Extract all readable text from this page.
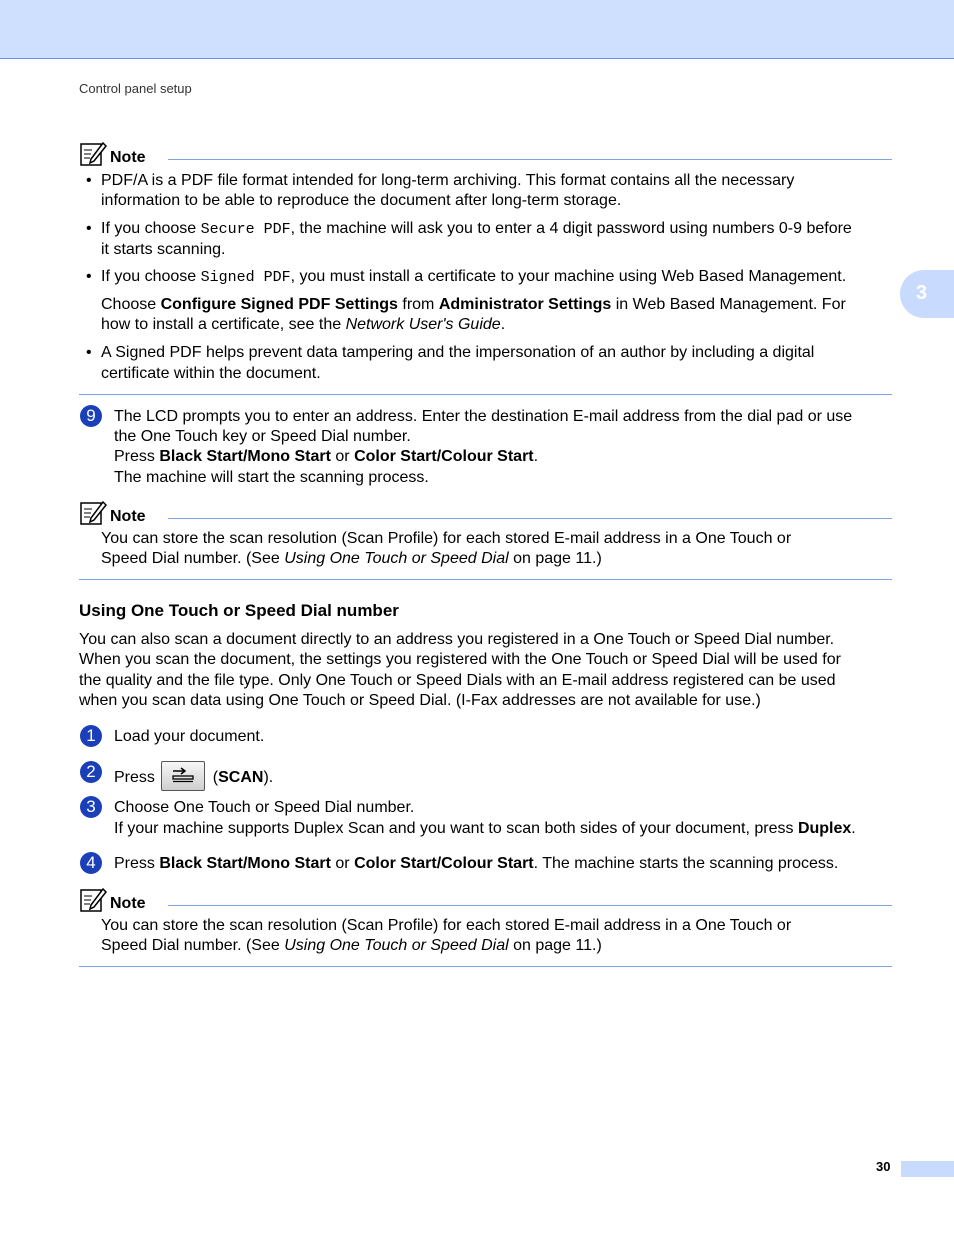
Control panel setup
3
Note
• PDF/A is a PDF file format intended for long-term archiving. This format contains all the necessary
information to be able to reproduce the document after long-term storage.
• If you choose Secure PDF, the machine will ask you to enter a 4 digit password using numbers 0-9 before
it starts scanning.
• If you choose Signed PDF, you must install a certificate to your machine using Web Based Management.
Choose Configure Signed PDF Settings from Administrator Settings in Web Based Management. For
how to install a certificate, see the Network User's Guide.
• A Signed PDF helps prevent data tampering and the impersonation of an author by including a digital
certificate within the document.
9	The LCD prompts you to enter an address. Enter the destination E-mail address from the dial pad or use
the One Touch key or Speed Dial number.
Press Black Start/Mono Start or Color Start/Colour Start.
The machine will start the scanning process.
Note
You can store the scan resolution (Scan Profile) for each stored E-mail address in a One Touch or
Speed Dial number. (See Using One Touch or Speed Dial on page 11.)
Using One Touch or Speed Dial number
You can also scan a document directly to an address you registered in a One Touch or Speed Dial number.
When you scan the document, the settings you registered with the One Touch or Speed Dial will be used for
the quality and the file type. Only One Touch or Speed Dials with an E-mail address registered can be used
when you scan data using One Touch or Speed Dial. (I-Fax addresses are not available for use.)
1	Load your document.
2	Press	(SCAN).
3	Choose One Touch or Speed Dial number.
If your machine supports Duplex Scan and you want to scan both sides of your document, press Duplex.
4	Press Black Start/Mono Start or Color Start/Colour Start. The machine starts the scanning process.
Note
You can store the scan resolution (Scan Profile) for each stored E-mail address in a One Touch or
Speed Dial number. (See Using One Touch or Speed Dial on page 11.)
30
